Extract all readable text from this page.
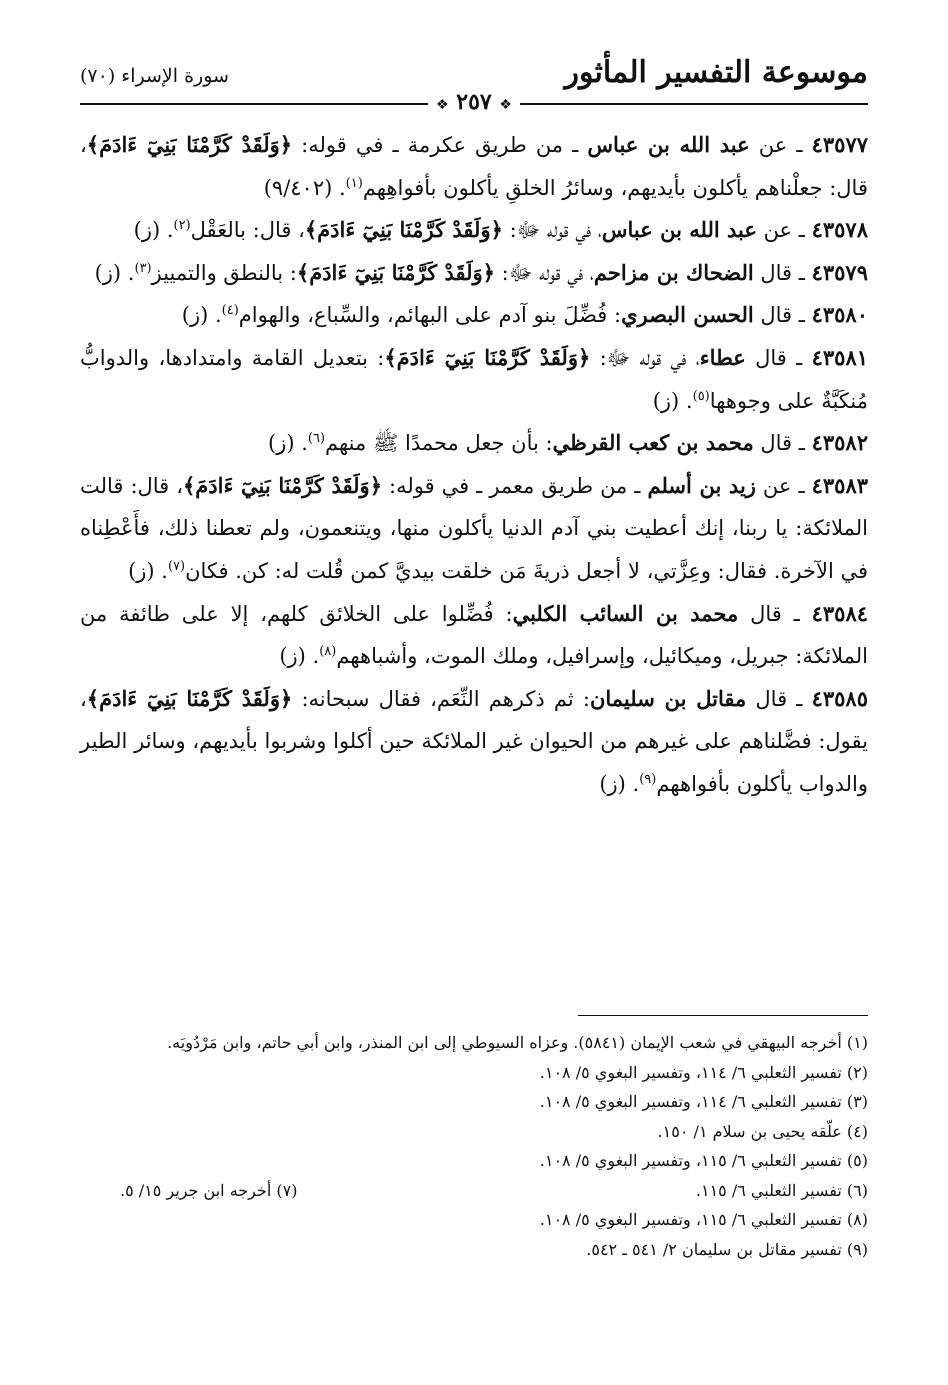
موسوعة التفسير المأثور
سورة الإسراء (٧٠)
❖ ٢٥٧ ❖

٤٣٥٧٧ ـ عن عبد الله بن عباس ـ من طريق عكرمة ـ في قوله: ﴿وَلَقَدْ كَرَّمْنَا بَنِيٓ ءَادَمَ﴾، قال: جعلْناهم يأكلون بأيديهم، وسائرُ الخلقِ يأكلون بأفواهِهم$^{(١)}$. (٩/٤٠٢)

٤٣٥٧٨ ـ عن عبد الله بن عباس، في قوله ﷻ: ﴿وَلَقَدْ كَرَّمْنَا بَنِيٓ ءَادَمَ﴾، قال: بالعَقْل$^{(٢)}$. (ز)

٤٣٥٧٩ ـ قال الضحاك بن مزاحم، في قوله ﷻ: ﴿وَلَقَدْ كَرَّمْنَا بَنِيٓ ءَادَمَ﴾: بالنطق والتمييز$^{(٣)}$. (ز)

٤٣٥٨٠ ـ قال الحسن البصري: فُضِّلَ بنو آدم على البهائم، والسِّباع، والهوام$^{(٤)}$. (ز)

٤٣٥٨١ ـ قال عطاء، في قوله ﷻ: ﴿وَلَقَدْ كَرَّمْنَا بَنِيٓ ءَادَمَ﴾: بتعديل القامة وامتدادها، والدوابُّ مُنكَبَّةٌ على وجوهها$^{(٥)}$. (ز)

٤٣٥٨٢ ـ قال محمد بن كعب القرظي: بأن جعل محمدًا ﷺ منهم$^{(٦)}$. (ز)

٤٣٥٨٣ ـ عن زيد بن أسلم ـ من طريق معمر ـ في قوله: ﴿وَلَقَدْ كَرَّمْنَا بَنِيٓ ءَادَمَ﴾، قال: قالت الملائكة: يا ربنا، إنك أعطيت بني آدم الدنيا يأكلون منها، ويتنعمون، ولم تعطنا ذلك، فأَعْطِناه في الآخرة. فقال: وعِزَّتي، لا أجعل ذريةَ مَن خلقت بيديَّ كمن قُلت له: كن. فكان$^{(٧)}$. (ز)

٤٣٥٨٤ ـ قال محمد بن السائب الكلبي: فُضِّلوا على الخلائق كلهم، إلا على طائفة من الملائكة: جبريل، وميكائيل، وإسرافيل، وملك الموت، وأشباههم$^{(٨)}$. (ز)

٤٣٥٨٥ ـ قال مقاتل بن سليمان: ثم ذكرهم النِّعَم، فقال سبحانه: ﴿وَلَقَدْ كَرَّمْنَا بَنِيٓ ءَادَمَ﴾، يقول: فضَّلناهم على غيرهم من الحيوان غير الملائكة حين أكلوا وشربوا بأيديهم، وسائر الطير والدواب يأكلون بأفواههم$^{(٩)}$. (ز)

(١) أخرجه البيهقي في شعب الإيمان (٥٨٤١). وعزاه السيوطي إلى ابن المنذر، وابن أبي حاتم، وابن مَرْدُويَه.

(٢) تفسير الثعلبي ٦/ ١١٤، وتفسير البغوي ٥/ ١٠٨.

(٣) تفسير الثعلبي ٦/ ١١٤، وتفسير البغوي ٥/ ١٠٨.

(٤) علّقه يحيى بن سلام ١/ ١٥٠.

(٥) تفسير الثعلبي ٦/ ١١٥، وتفسير البغوي ٥/ ١٠٨.

(٦) تفسير الثعلبي ٦/ ١١٥.

(٧) أخرجه ابن جرير ١٥/ ٥.

(٨) تفسير الثعلبي ٦/ ١١٥، وتفسير البغوي ٥/ ١٠٨.

(٩) تفسير مقاتل بن سليمان ٢/ ٥٤١ ـ ٥٤٢.
